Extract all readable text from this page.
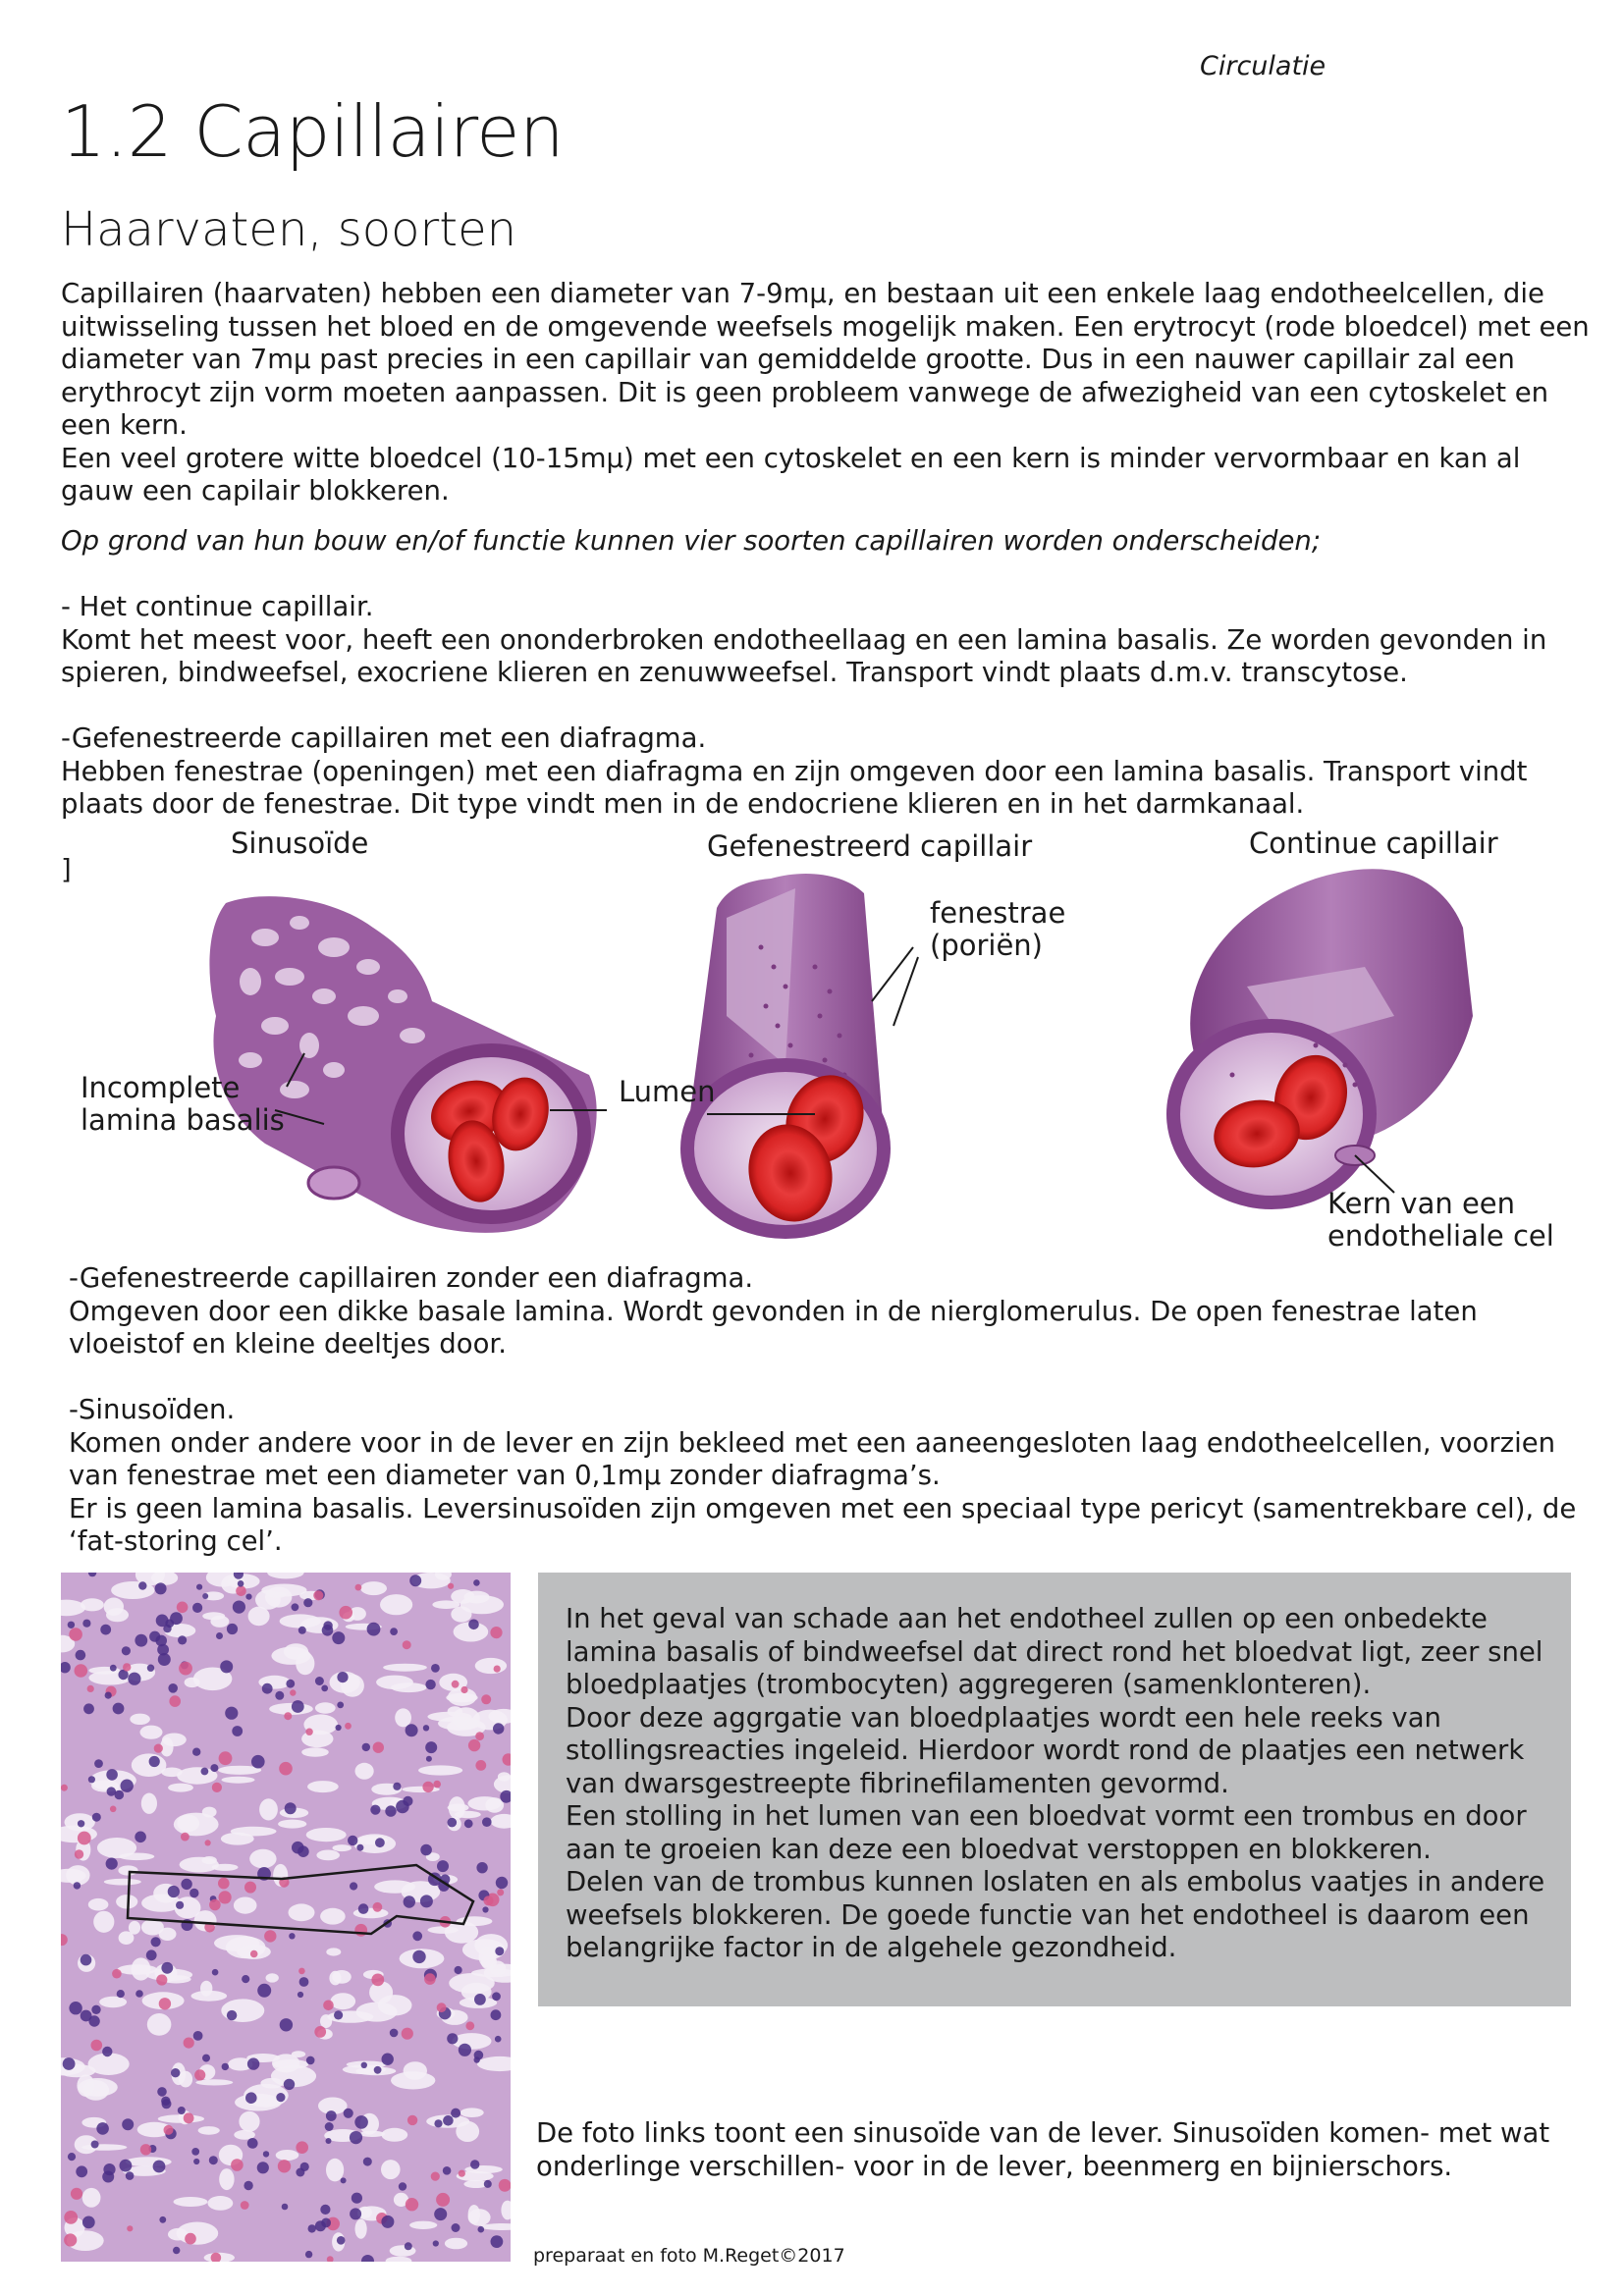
Circulatie
1.2 Capillairen
Haarvaten, soorten

Capillairen (haarvaten) hebben een diameter van 7-9mµ, en bestaan uit een enkele laag endotheelcellen, die uitwisseling tussen het bloed en de omgevende weefsels mogelijk maken. Een erytrocyt (rode bloedcel) met een diameter van 7mµ past precies in een capillair van gemiddelde grootte. Dus in een nauwer capillair zal een erythrocyt zijn vorm moeten aanpassen. Dit is geen probleem vanwege de afwezigheid van een cytoskelet en een kern.

Een veel grotere witte bloedcel (10-15mµ) met een cytoskelet en een kern is minder vervormbaar en kan al gauw een capilair blokkeren.

Op grond van hun bouw en/of functie kunnen vier soorten capillairen worden onderscheiden;

- Het continue capillair.

Komt het meest voor, heeft een ononderbroken endotheellaag en een lamina basalis. Ze worden gevonden in spieren, bindweefsel, exocriene klieren en zenuwweefsel. Transport vindt plaats d.m.v. transcytose.

-Gefenestreerde capillairen met een diafragma.

Hebben fenestrae (openingen) met een diafragma en zijn omgeven door een lamina basalis. Transport vindt plaats door de fenestrae. Dit type vindt men in de endocriene klieren en in het darmkanaal.

]
Sinusoïde	Gefenestreerd capillair	Continue capillair
fenestrae
(poriën)
Incomplete
lamina basalis
Lumen
Kern van een
endotheliale cel

-Gefenestreerde capillairen zonder een diafragma.

Omgeven door een dikke basale lamina. Wordt gevonden in de nierglomerulus. De open fenestrae laten vloeistof en kleine deeltjes door.

-Sinusoïden.

Komen onder andere voor in de lever en zijn bekleed met een aaneengesloten laag endotheelcellen, voorzien van fenestrae met een diameter van 0,1mµ zonder diafragma’s.

Er is geen lamina basalis. Leversinusoïden zijn omgeven met een speciaal type pericyt (samentrekbare cel), de ‘fat-storing cel’.

In het geval van schade aan het endotheel zullen op een onbedekte lamina basalis of bindweefsel dat direct rond het bloedvat ligt, zeer snel bloedplaatjes (trombocyten) aggregeren (samenklonteren).

Door deze aggrgatie van bloedplaatjes wordt een hele reeks van stollingsreacties ingeleid. Hierdoor wordt rond de plaatjes een netwerk van dwarsgestreepte fibrinefilamenten gevormd.

Een stolling in het lumen van een bloedvat vormt een trombus en door aan te groeien kan deze een bloedvat verstoppen en blokkeren.

Delen van de trombus kunnen loslaten en als embolus vaatjes in andere weefsels blokkeren. De goede functie van het endotheel is daarom een belangrijke factor in de algehele gezondheid.

De foto links toont een sinusoïde van de lever. Sinusoïden komen- met wat onderlinge verschillen- voor in de lever, beenmerg en bijnierschors.
preparaat en foto M.Reget©2017
